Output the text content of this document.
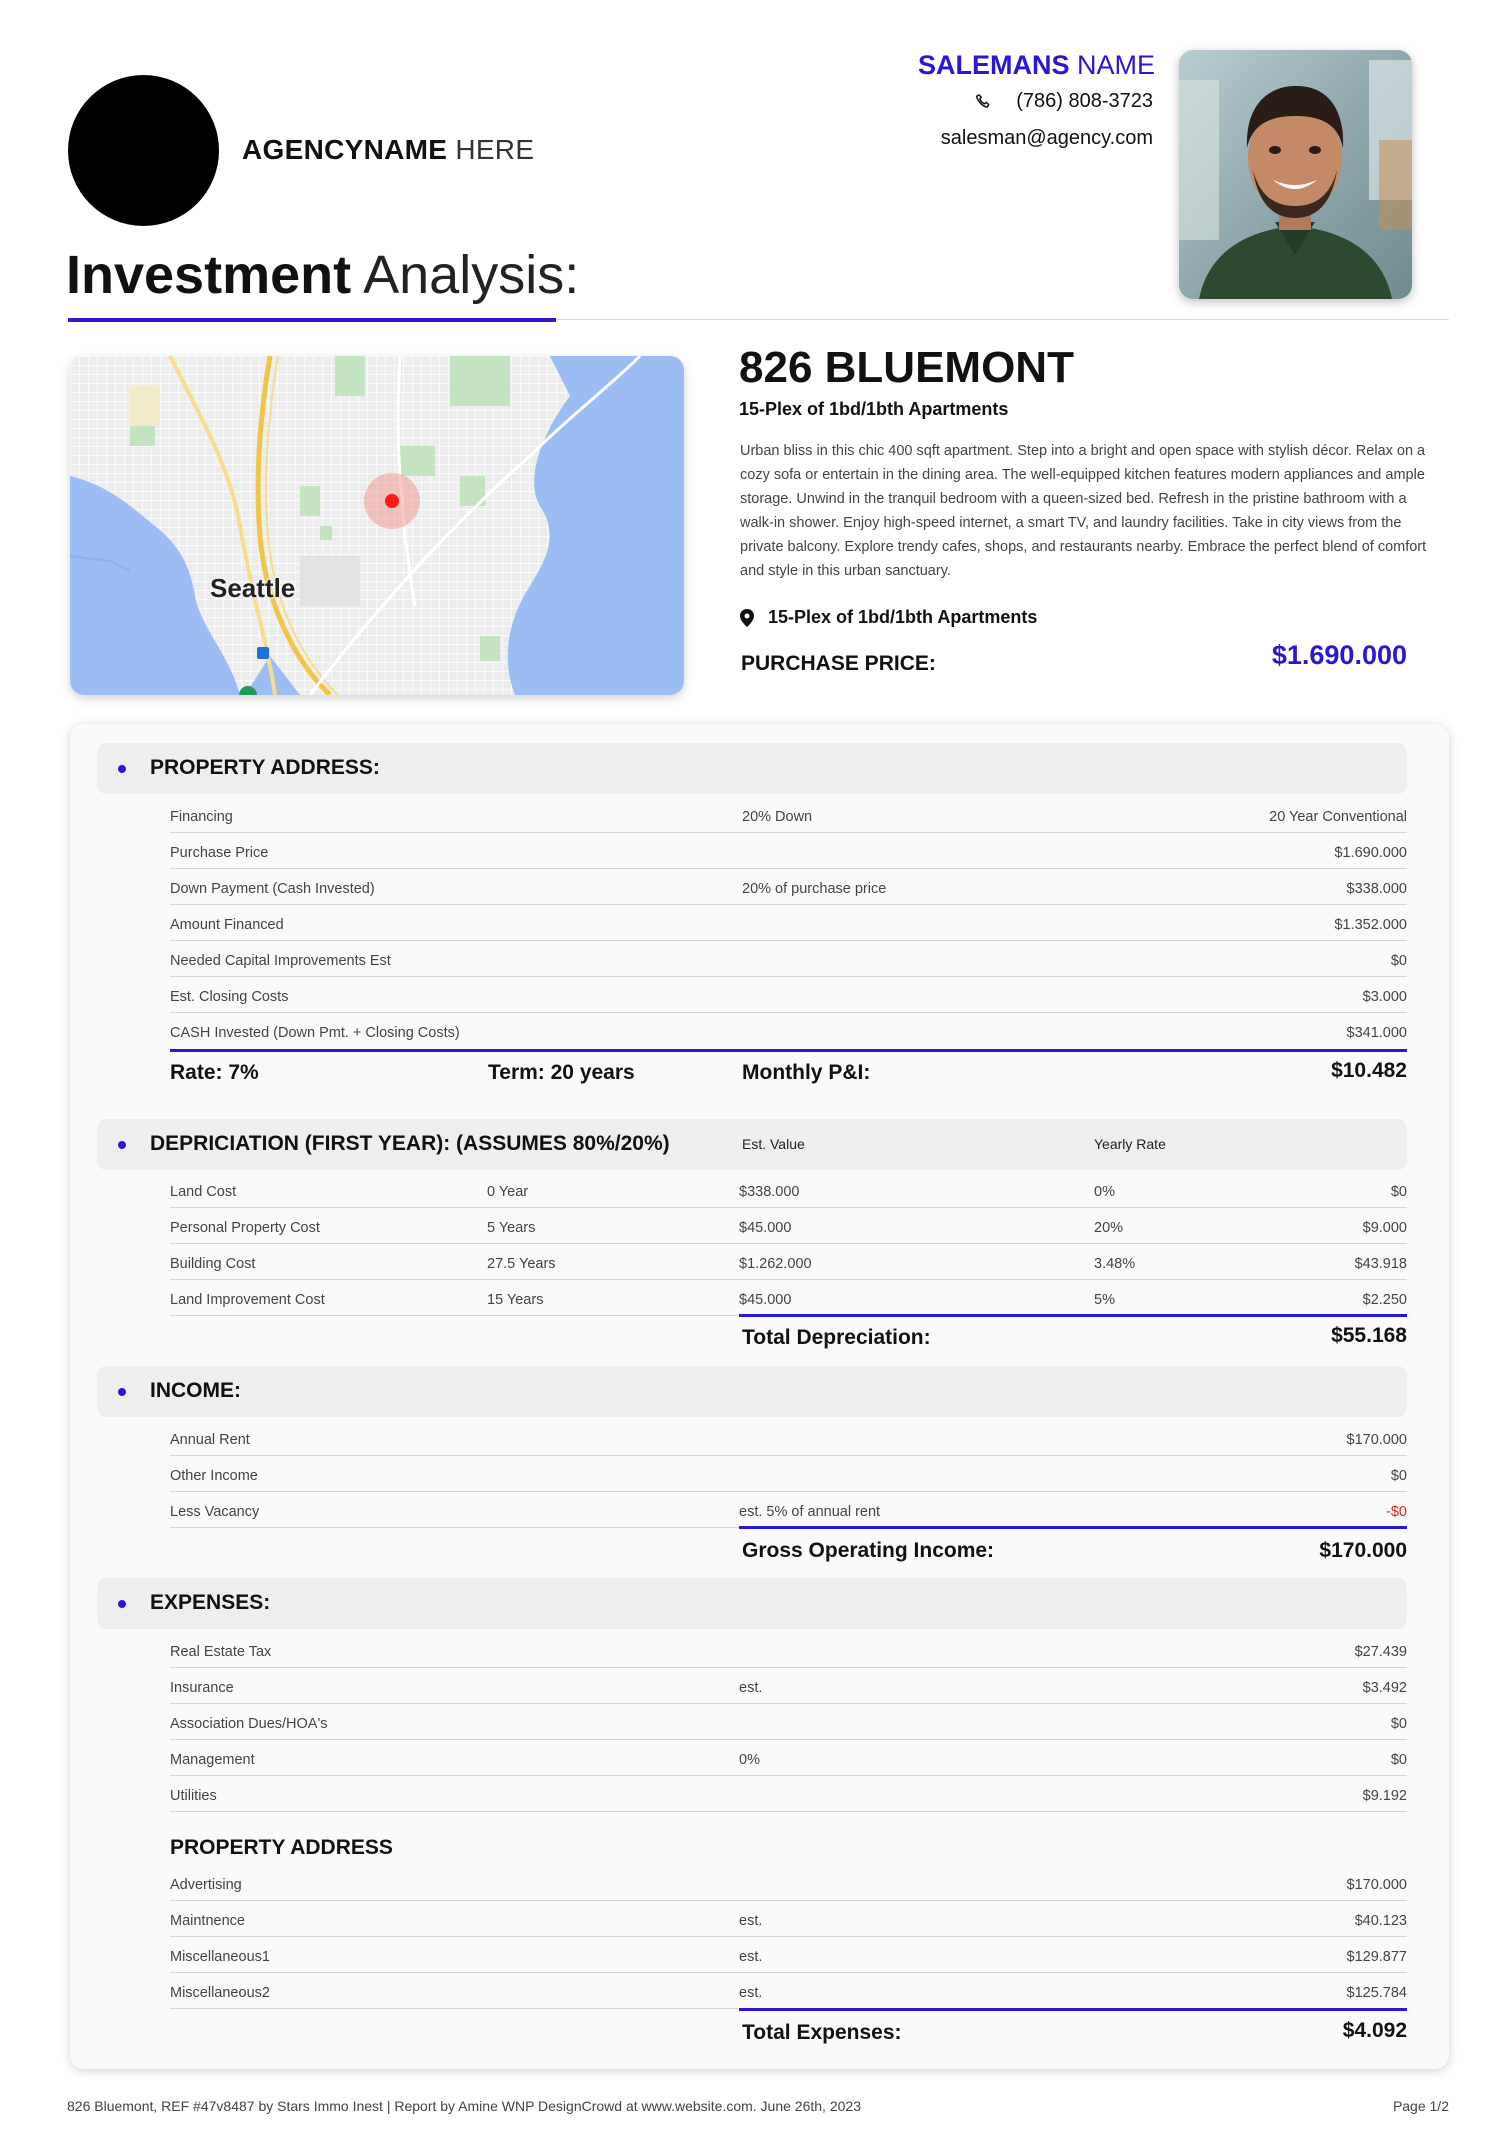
AGENCYNAME HERE
SALEMANS NAME
(786) 808-3723
salesman@agency.com
Investment Analysis:
Seattle
826 BLUEMONT
15-Plex of 1bd/1bth Apartments
Urban bliss in this chic 400 sqft apartment. Step into a bright and open space with stylish décor. Relax on a cozy sofa or entertain in the dining area. The well-equipped kitchen features modern appliances and ample storage. Unwind in the tranquil bedroom with a queen-sized bed. Refresh in the pristine bathroom with a walk-in shower. Enjoy high-speed internet, a smart TV, and laundry facilities. Take in city views from the private balcony. Explore trendy cafes, shops, and restaurants nearby. Embrace the perfect blend of comfort and style in this urban sanctuary.
15-Plex of 1bd/1bth Apartments
PURCHASE PRICE:	$1.690.000
PROPERTY ADDRESS:
Financing	20% Down	20 Year Conventional
Purchase Price	$1.690.000
Down Payment (Cash Invested)	20% of purchase price	$338.000
Amount Financed	$1.352.000
Needed Capital Improvements Est	$0
Est. Closing Costs	$3.000
CASH Invested (Down Pmt. + Closing Costs)	$341.000
Rate: 7%	Term: 20 years	Monthly P&I:	$10.482
DEPRICIATION (FIRST YEAR): (ASSUMES 80%/20%)	Est. Value	Yearly Rate
Land Cost	0 Year	$338.000	0%	$0
Personal Property Cost	5 Years	$45.000	20%	$9.000
Building Cost	27.5 Years	$1.262.000	3.48%	$43.918
Land Improvement Cost	15 Years	$45.000	5%	$2.250
Total Depreciation:	$55.168
INCOME:
Annual Rent	$170.000
Other Income	$0
Less Vacancy	est. 5% of annual rent	-$0
Gross Operating Income:	$170.000
EXPENSES:
Real Estate Tax	$27.439
Insurance	est.	$3.492
Association Dues/HOA's	$0
Management	0%	$0
Utilities	$9.192
PROPERTY ADDRESS
Advertising	$170.000
Maintnence	est.	$40.123
Miscellaneous1	est.	$129.877
Miscellaneous2	est.	$125.784
Total Expenses:	$4.092
826 Bluemont, REF #47v8487 by Stars Immo Inest | Report by Amine WNP DesignCrowd at www.website.com. June 26th, 2023	Page 1/2
